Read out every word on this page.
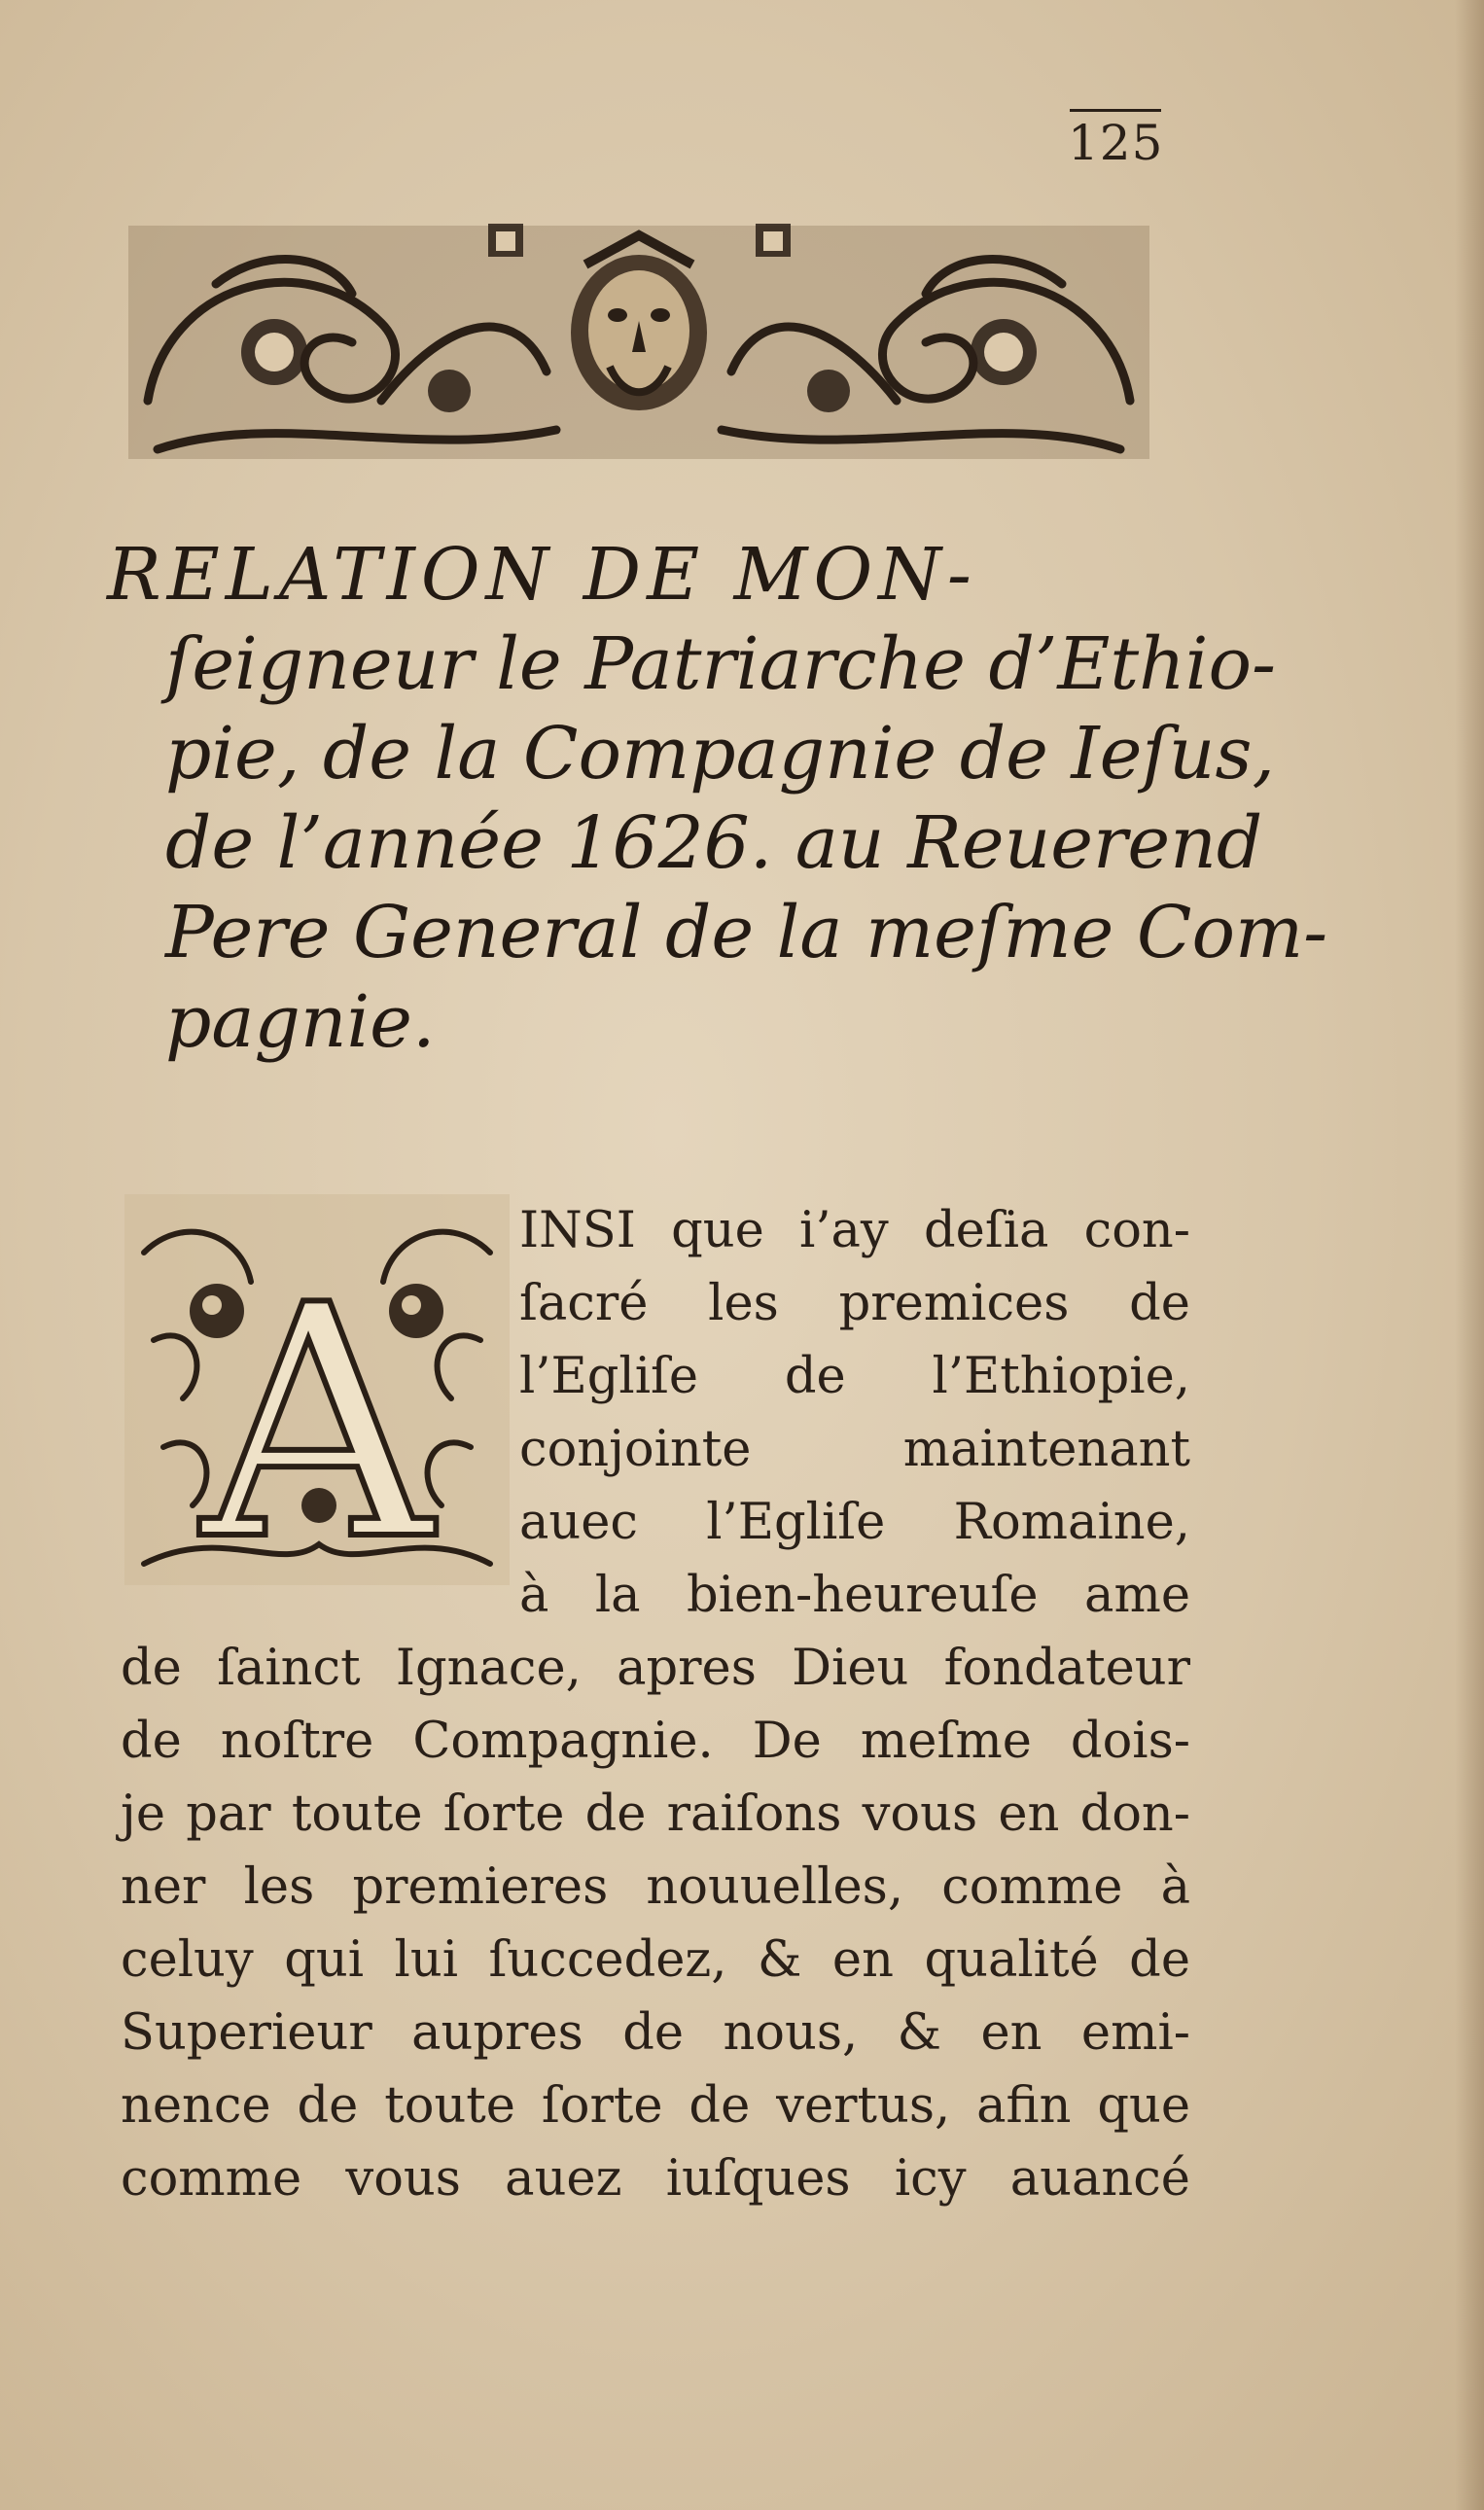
125
RELATION DE MON-
ſeigneur le Patriarche d’Ethio-
pie, de la Compagnie de Ieſus,
de l’année 1626. au Reuerend
Pere General de la meſme Com-
pagnie.
A
INSI que i’ay deſia con-
ſacré les premices de
l’Egliſe de l’Ethiopie,
conjointe maintenant
auec l’Egliſe Romaine,
à la bien-heureuſe ame
de ſainct Ignace, apres Dieu fondateur
de noſtre Compagnie. De meſme dois-
je par toute ſorte de raiſons vous en don-
ner les premieres nouuelles, comme à
celuy qui lui ſuccedez, & en qualité de
Superieur aupres de nous, & en emi-
nence de toute ſorte de vertus, afin que
comme vous auez iuſques icy auancé
